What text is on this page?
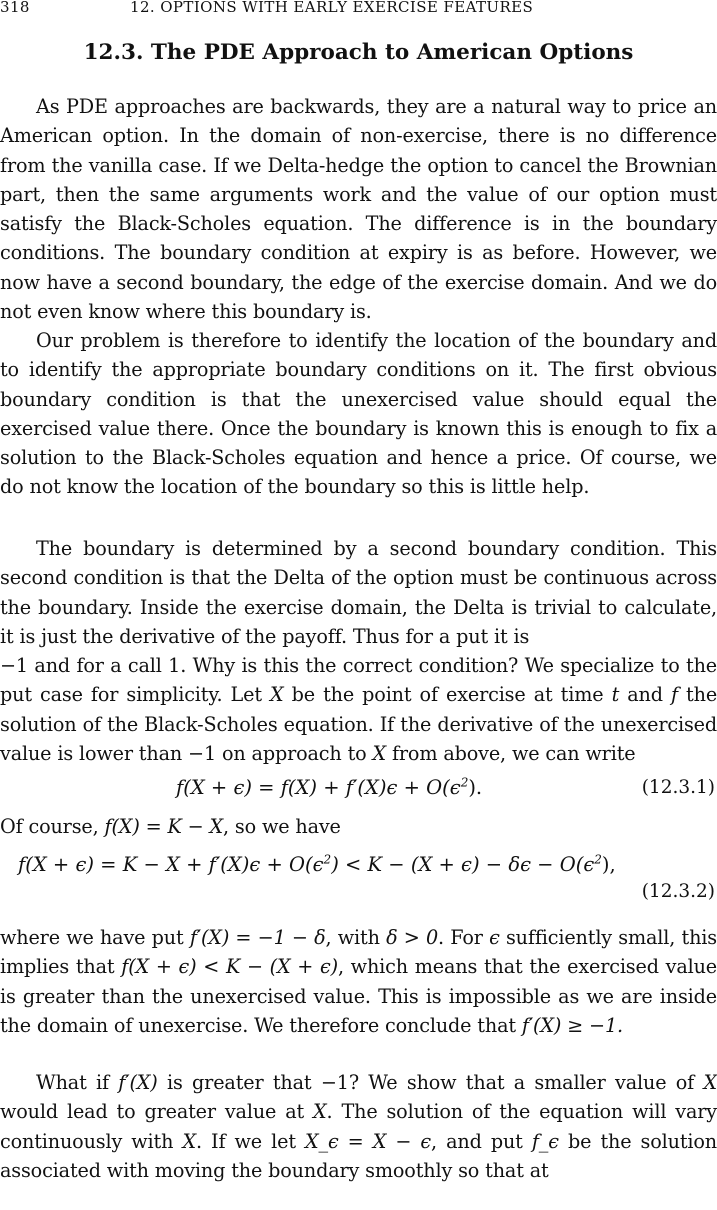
318	12. OPTIONS WITH EARLY EXERCISE FEATURES
12.3. The PDE Approach to American Options

As PDE approaches are backwards, they are a natural way to price an American option. In the domain of non-exercise, there is no difference from the vanilla case. If we Delta-hedge the option to cancel the Brownian part, then the same arguments work and the value of our option must satisfy the Black-Scholes equation. The difference is in the boundary conditions. The boundary condition at expiry is as before. However, we now have a second boundary, the edge of the exercise domain. And we do not even know where this boundary is.

Our problem is therefore to identify the location of the boundary and to identify the appropriate boundary conditions on it. The first obvious boundary condition is that the unexercised value should equal the exercised value there. Once the boundary is known this is enough to fix a solution to the Black-Scholes equation and hence a price. Of course, we do not know the location of the boundary so this is little help.

The boundary is determined by a second boundary condition. This second condition is that the Delta of the option must be continuous across the boundary. Inside the exercise domain, the Delta is trivial to calculate, it is just the derivative of the payoff. Thus for a put it is
−1 and for a call 1. Why is this the correct condition? We specialize to the put case for simplicity. Let X be the point of exercise at time t and f the solution of the Black-Scholes equation. If the derivative of the unexercised value is lower than −1 on approach to X from above, we can write

$f(X + \epsilon) = f(X) + f'(X)\epsilon + O(\epsilon^2)$.	(12.3.1)

Of course, f(X) = K − X, so we have

$f(X + \epsilon) = K - X + f'(X)\epsilon + O(\epsilon^2) < K - (X + \epsilon) - \delta\epsilon - O(\epsilon^2)$,
(12.3.2)

where we have put f′(X) = −1 − δ, with δ > 0. For ϵ sufficiently small, this implies that f(X + ϵ) < K − (X + ϵ), which means that the exercised value is greater than the unexercised value. This is impossible as we are inside the domain of unexercise. We therefore conclude that f′(X) ≥ −1.

What if f′(X) is greater that −1? We show that a smaller value of X would lead to greater value at X. The solution of the equation will vary continuously with X. If we let X_ϵ = X − ϵ, and put f_ϵ be the solution associated with moving the boundary smoothly so that at
